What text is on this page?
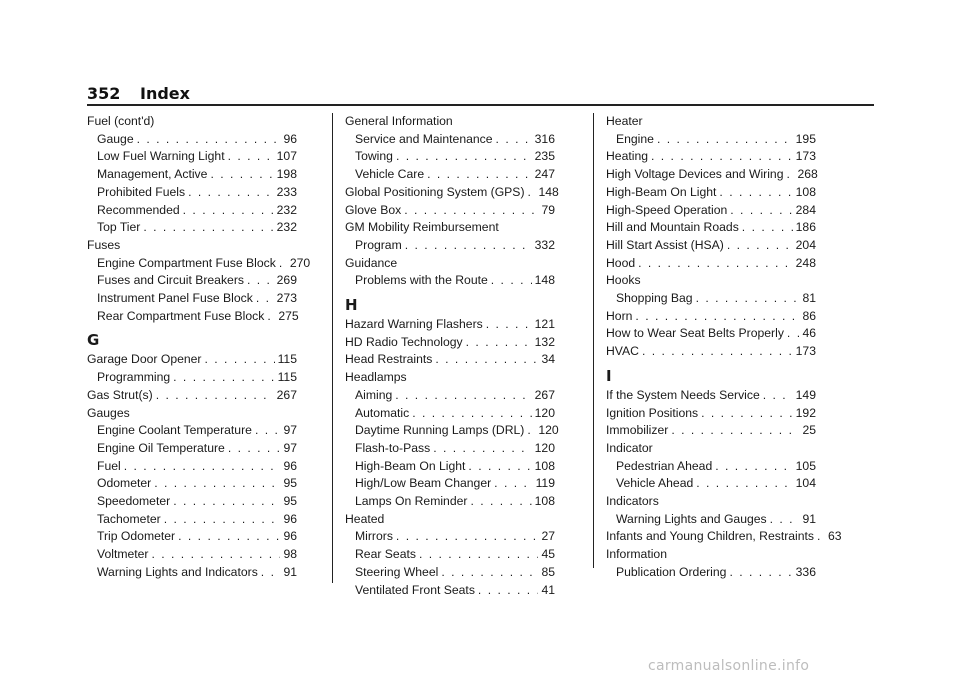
352 Index
Fuel (cont'd)
Gauge . . .	96
Low Fuel Warning Light . . .	107
Management, Active . . .	198
Prohibited Fuels . . .	233
Recommended . . .	232
Top Tier . . .	232
Fuses
Engine Compartment Fuse Block . . . 270
Fuses and Circuit Breakers . . .	269
Instrument Panel Fuse Block . . . 273
Rear Compartment Fuse Block . . . 275
G
Garage Door Opener . . .	115
Programming . . .	115
Gas Strut(s) . . .	267
Gauges
Engine Coolant Temperature . . .	97
Engine Oil Temperature . . .	97
Fuel . . .	96
Odometer . . .	95
Speedometer . . .	95
Tachometer . . .	96
Trip Odometer . . .	96
Voltmeter . . .	98
Warning Lights and Indicators . . . 91
General Information
Service and Maintenance . . .	316
Towing . . .	235
Vehicle Care . . .	247
Global Positioning System (GPS) . . . 148
Glove Box . . .	79
GM Mobility Reimbursement
Program . . .	332
Guidance
Problems with the Route . . .	148
H
Hazard Warning Flashers . . .	121
HD Radio Technology . . .	132
Head Restraints . . .	34
Headlamps
Aiming . . .	267
Automatic . . .	120
Daytime Running Lamps (DRL) . . . 120
Flash-to-Pass . . .	120
High-Beam On Light . . .	108
High/Low Beam Changer . . .	119
Lamps On Reminder . . .	108
Heated
Mirrors . . .	27
Rear Seats . . .	45
Steering Wheel . . .	85
Ventilated Front Seats . . .	41
Heater
Engine . . .	195
Heating . . .	173
High Voltage Devices and Wiring . . . 268
High-Beam On Light . . .	108
High-Speed Operation . . .	284
Hill and Mountain Roads . . .	186
Hill Start Assist (HSA) . . .	204
Hood . . .	248
Hooks
Shopping Bag . . .	81
Horn . . .	86
How to Wear Seat Belts Properly . . . 46
HVAC . . .	173
I
If the System Needs Service . . .	149
Ignition Positions . . .	192
Immobilizer . . .	25
Indicator
Pedestrian Ahead . . .	105
Vehicle Ahead . . .	104
Indicators
Warning Lights and Gauges . . .	91
Infants and Young Children, Restraints . . . 63
Information
Publication Ordering . . .	336
carmanualsonline.info
